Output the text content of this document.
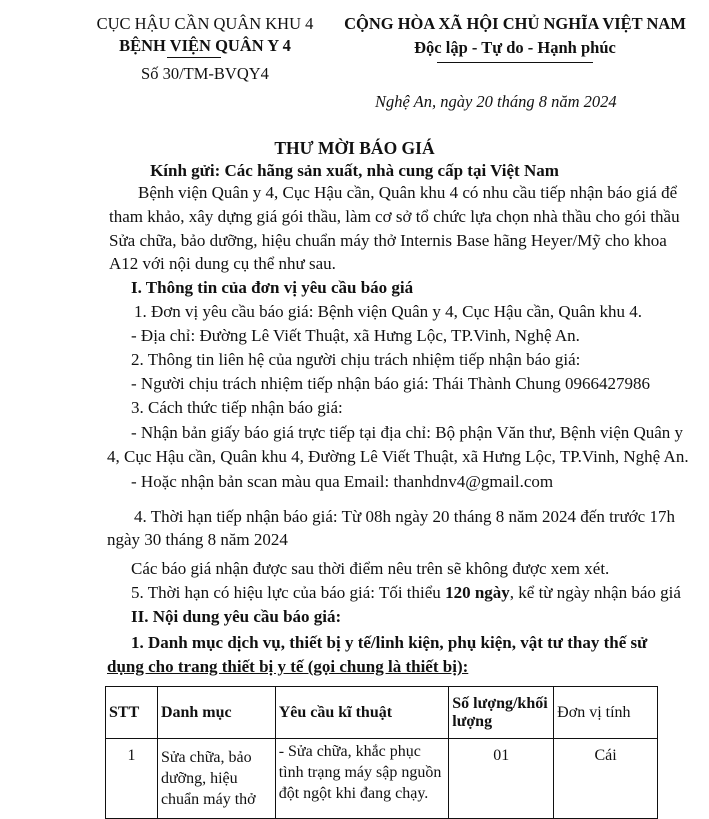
CỤC HẬU CẦN QUÂN KHU 4
BỆNH VIỆN QUÂN Y 4
Số 30/TM-BVQY4
CỘNG HÒA XÃ HỘI CHỦ NGHĨA VIỆT NAM
Độc lập - Tự do - Hạnh phúc
Nghệ An, ngày 20 tháng 8 năm 2024
THƯ MỜI BÁO GIÁ
Kính gửi: Các hãng sản xuất, nhà cung cấp tại Việt Nam
Bệnh viện Quân y 4, Cục Hậu cần, Quân khu 4 có nhu cầu tiếp nhận báo giá để
tham khảo, xây dựng giá gói thầu, làm cơ sở tổ chức lựa chọn nhà thầu cho gói thầu
Sửa chữa, bảo dưỡng, hiệu chuẩn máy thở Internis Base hãng Heyer/Mỹ cho khoa
A12 với nội dung cụ thể như sau.
I. Thông tin của đơn vị yêu cầu báo giá
1. Đơn vị yêu cầu báo giá: Bệnh viện Quân y 4, Cục Hậu cần, Quân khu 4.
- Địa chỉ: Đường Lê Viết Thuật, xã Hưng Lộc, TP.Vinh, Nghệ An.
2. Thông tin liên hệ của người chịu trách nhiệm tiếp nhận báo giá:
- Người chịu trách nhiệm tiếp nhận báo giá: Thái Thành Chung 0966427986
3. Cách thức tiếp nhận báo giá:
- Nhận bản giấy báo giá trực tiếp tại địa chỉ: Bộ phận Văn thư, Bệnh viện Quân y
4, Cục Hậu cần, Quân khu 4, Đường Lê Viết Thuật, xã Hưng Lộc, TP.Vinh, Nghệ An.
- Hoặc nhận bản scan màu qua Email: thanhdnv4@gmail.com
4. Thời hạn tiếp nhận báo giá: Từ 08h ngày 20 tháng 8 năm 2024 đến trước 17h
ngày 30 tháng 8 năm 2024
Các báo giá nhận được sau thời điểm nêu trên sẽ không được xem xét.
5. Thời hạn có hiệu lực của báo giá: Tối thiểu 120 ngày, kể từ ngày nhận báo giá
II. Nội dung yêu cầu báo giá:
1. Danh mục dịch vụ, thiết bị y tế/linh kiện, phụ kiện, vật tư thay thế sử
dụng cho trang thiết bị y tế (gọi chung là thiết bị):
STT	Danh mục	Yêu cầu kĩ thuật	Số lượng/khối lượng	Đơn vị tính
1	Sửa chữa, bảo dưỡng, hiệu chuẩn máy thở	- Sửa chữa, khắc phục tình trạng máy sập nguồn đột ngột khi đang chạy.	01	Cái
